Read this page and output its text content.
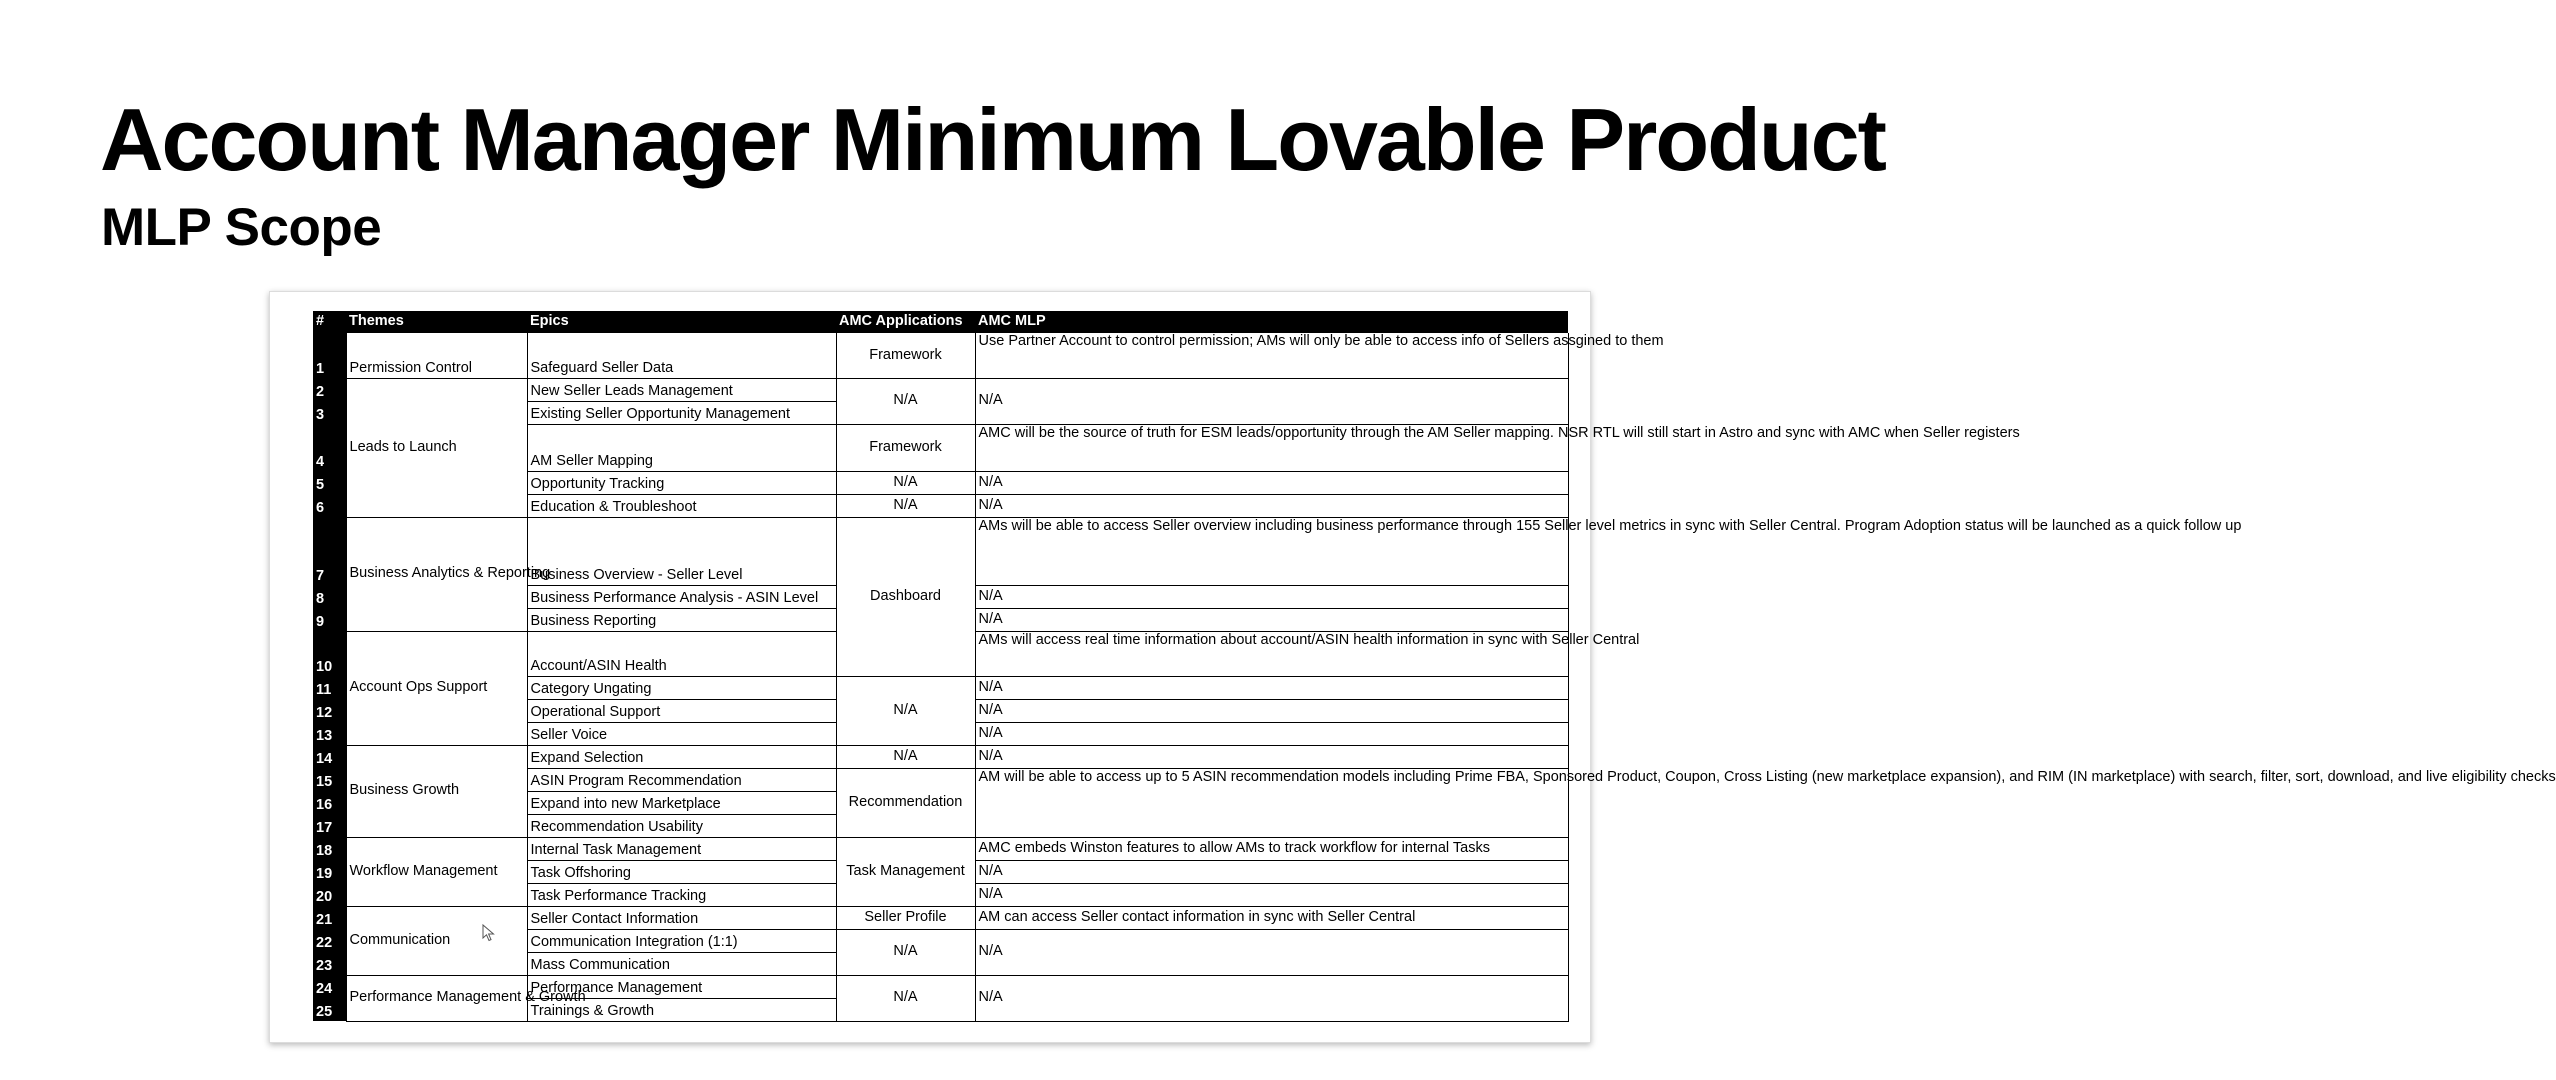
Account Manager Minimum Lovable Product
MLP Scope
#	Themes	Epics	AMC Applications	AMC MLP
1	Permission Control	Safeguard Seller Data	Framework	Use Partner Account to control permission; AMs will only be able to access info of Sellers assgined to them
2	Leads to Launch	New Seller Leads Management	N/A	N/A
3		Existing Seller Opportunity Management		
4		AM Seller Mapping	Framework	AMC will be the source of truth for ESM leads/opportunity through the AM Seller mapping. NSR RTL will still start in Astro and sync with AMC when Seller registers
5		Opportunity Tracking	N/A	N/A
6		Education & Troubleshoot	N/A	N/A
7	Business Analytics & Reporting	Business Overview - Seller Level	Dashboard	AMs will be able to access Seller overview including business performance through 155 Seller level metrics in sync with Seller Central. Program Adoption status will be launched as a quick follow up
8		Business Performance Analysis - ASIN Level		N/A
9		Business Reporting		N/A
10	Account Ops Support	Account/ASIN Health		AMs will access real time information about account/ASIN health information in sync with Seller Central
11		Category Ungating	N/A	N/A
12		Operational Support		N/A
13		Seller Voice		N/A
14	Business Growth	Expand Selection	N/A	N/A
15		ASIN Program Recommendation	Recommendation	AM will be able to access up to 5 ASIN recommendation models including Prime FBA, Sponsored Product, Coupon, Cross Listing (new marketplace expansion), and RIM (IN marketplace) with search, filter, sort, download, and live eligibility checks
16		Expand into new Marketplace		
17		Recommendation Usability		
18	Workflow Management	Internal Task Management	Task Management	AMC embeds Winston features to allow AMs to track workflow for internal Tasks
19		Task Offshoring		N/A
20		Task Performance Tracking		N/A
21	Communication	Seller Contact Information	Seller Profile	AM can access Seller contact information in sync with Seller Central
22		Communication Integration (1:1)	N/A	N/A
23		Mass Communication		
24	Performance Management & Growth	Performance Management	N/A	N/A
25		Trainings & Growth		
